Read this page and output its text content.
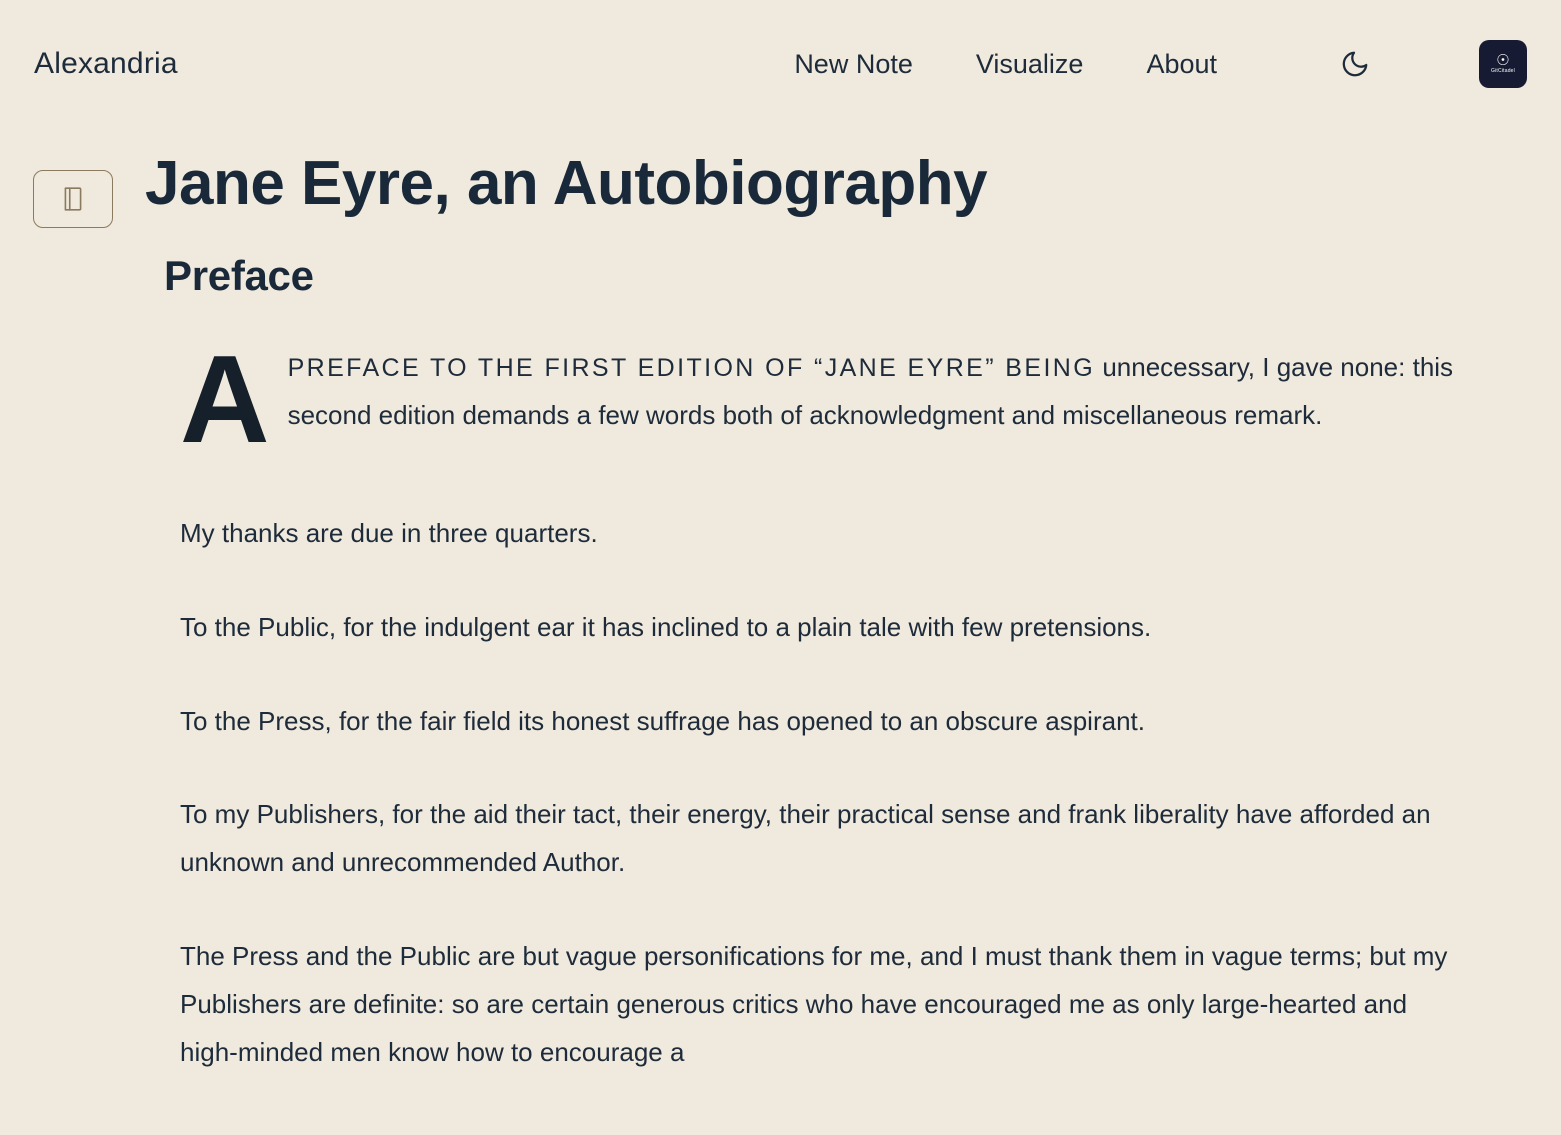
Alexandria	New Note Visualize About	☉
GitCitadel
Jane Eyre, an Autobiography
Preface
A PREFACE TO THE FIRST EDITION OF “JANE EYRE” BEING unnecessary, I gave none: this second edition demands a few words both of acknowledgment and miscellaneous remark.

My thanks are due in three quarters.

To the Public, for the indulgent ear it has inclined to a plain tale with few pretensions.

To the Press, for the fair field its honest suffrage has opened to an obscure aspirant.

To my Publishers, for the aid their tact, their energy, their practical sense and frank liberality have afforded an unknown and unrecommended Author.

The Press and the Public are but vague personifications for me, and I must thank them in vague terms; but my Publishers are definite: so are certain generous critics who have encouraged me as only large-hearted and high-minded men know how to encourage a
